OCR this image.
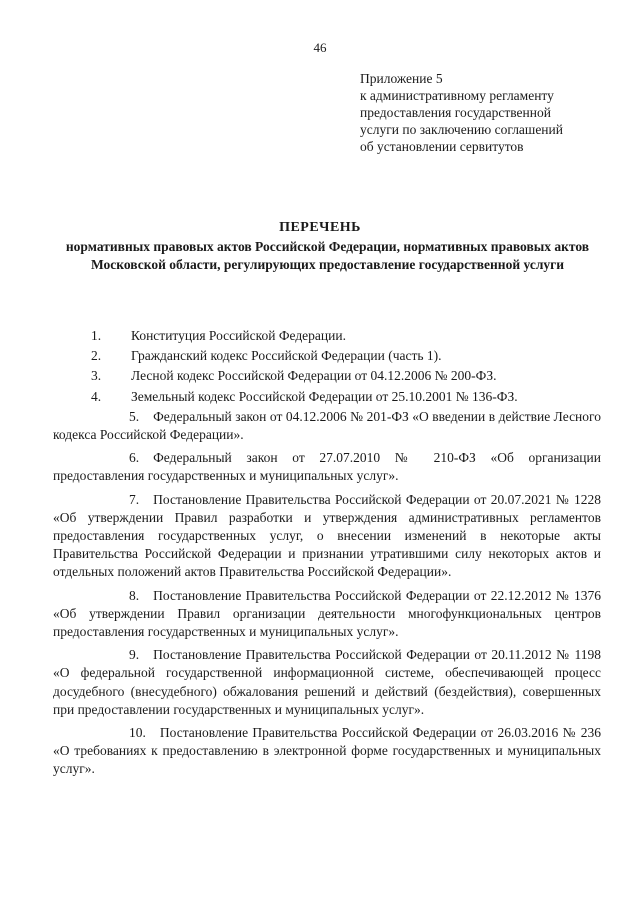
46
Приложение 5
к административному регламенту
предоставления государственной
услуги по заключению соглашений
об установлении сервитутов
ПЕРЕЧЕНЬ
нормативных правовых актов Российской Федерации, нормативных правовых актов Московской области, регулирующих предоставление государственной услуги
1. Конституция Российской Федерации.
2. Гражданский кодекс Российской Федерации (часть 1).
3. Лесной кодекс Российской Федерации от 04.12.2006 № 200-ФЗ.
4. Земельный кодекс Российской Федерации от 25.10.2001 № 136-ФЗ.
5. Федеральный закон от 04.12.2006 № 201-ФЗ «О введении в действие Лесного кодекса Российской Федерации».
6. Федеральный закон от 27.07.2010 № 210-ФЗ «Об организации предоставления государственных и муниципальных услуг».
7. Постановление Правительства Российской Федерации от 20.07.2021 № 1228 «Об утверждении Правил разработки и утверждения административных регламентов предоставления государственных услуг, о внесении изменений в некоторые акты Правительства Российской Федерации и признании утратившими силу некоторых актов и отдельных положений актов Правительства Российской Федерации».
8. Постановление Правительства Российской Федерации от 22.12.2012 № 1376 «Об утверждении Правил организации деятельности многофункциональных центров предоставления государственных и муниципальных услуг».
9. Постановление Правительства Российской Федерации от 20.11.2012 № 1198 «О федеральной государственной информационной системе, обеспечивающей процесс досудебного (внесудебного) обжалования решений и действий (бездействия), совершенных при предоставлении государственных и муниципальных услуг».
10. Постановление Правительства Российской Федерации от 26.03.2016 № 236 «О требованиях к предоставлению в электронной форме государственных и муниципальных услуг».
